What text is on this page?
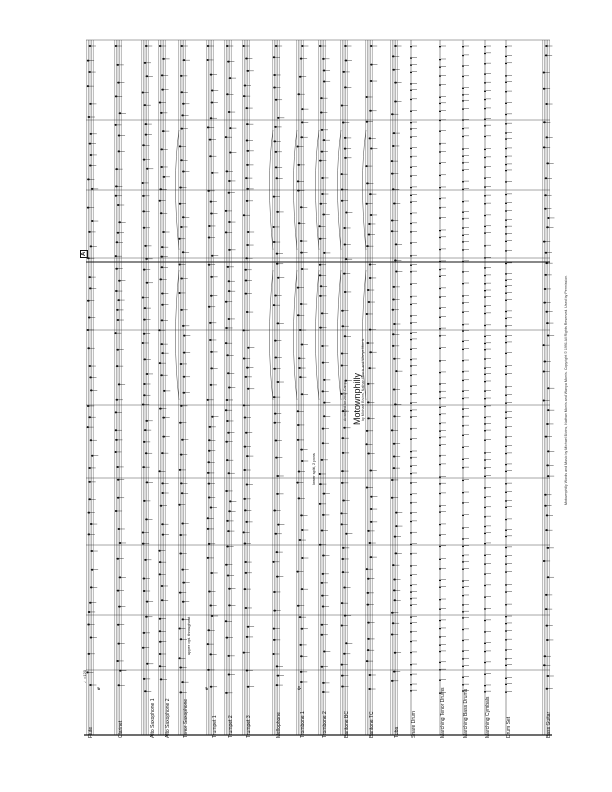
Motownphilly
Arranged for 2017 Camp	by Michael Bivins, Nathan Morris and Wanya Morris
♩=120
A
upper opt. throughout
lower split, 2 pcns	Motownphilly Words and Music by Michael Bivins, Nathan Morris and Wanya Morris. Copyright © 1991 All Rights Reserved. Used by Permission.
Flute	Clarinet	Alto Saxophone 1 Alto Saxophone 2 Tenor Saxophone	Trumpet 1 Trumpet 2 Trumpet 3	Mellophone	Trombone 1	Trombone 2	Baritone BC	Baritone TC	Tuba Snare Drum	Marching Tenor Drums	Marching Bass Drums	Marching Cymbals	Drum Set	Bass Guitar
ff	ff	fp
